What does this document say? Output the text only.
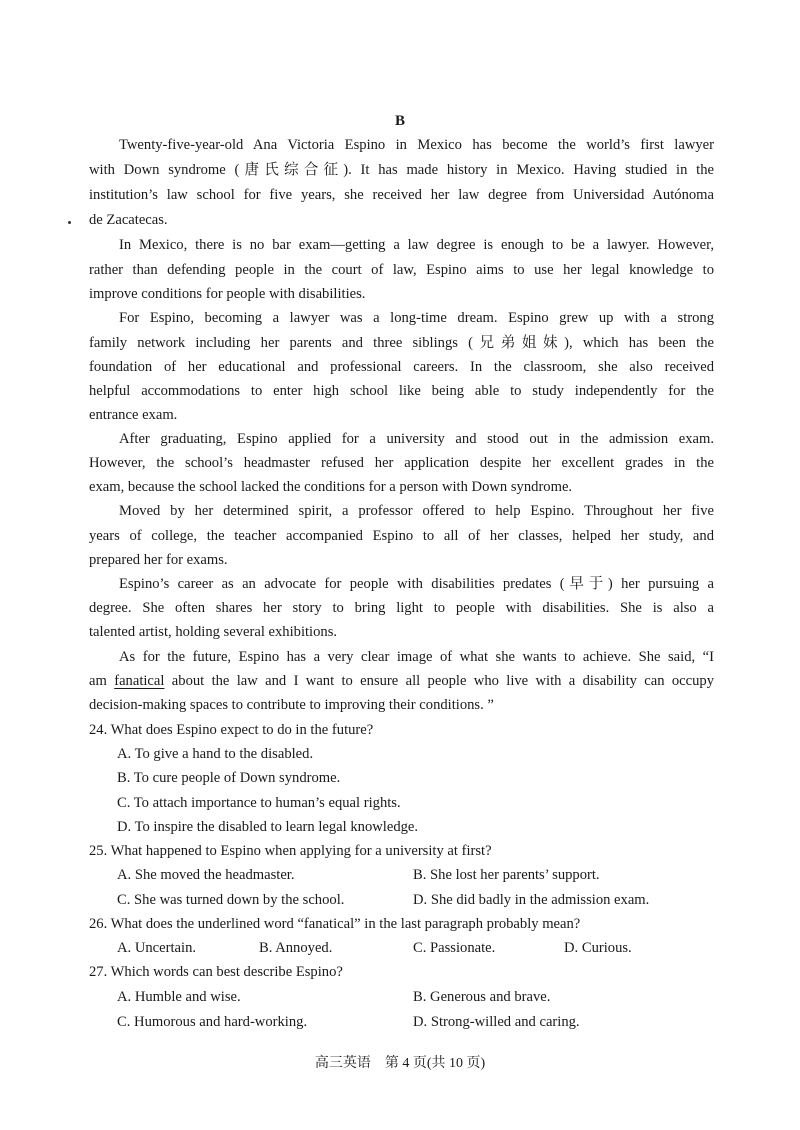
B
Twenty-five-year-old Ana Victoria Espino in Mexico has become the world’s first lawyer
with Down syndrome (唐氏综合征). It has made history in Mexico. Having studied in the
institution’s law school for five years, she received her law degree from Universidad Autónoma
de Zacatecas.
In Mexico, there is no bar exam—getting a law degree is enough to be a lawyer. However,
rather than defending people in the court of law, Espino aims to use her legal knowledge to
improve conditions for people with disabilities.
For Espino, becoming a lawyer was a long-time dream. Espino grew up with a strong
family network including her parents and three siblings (兄弟姐妹), which has been the
foundation of her educational and professional careers. In the classroom, she also received
helpful accommodations to enter high school like being able to study independently for the
entrance exam.
After graduating, Espino applied for a university and stood out in the admission exam.
However, the school’s headmaster refused her application despite her excellent grades in the
exam, because the school lacked the conditions for a person with Down syndrome.
Moved by her determined spirit, a professor offered to help Espino. Throughout her five
years of college, the teacher accompanied Espino to all of her classes, helped her study, and
prepared her for exams.
Espino’s career as an advocate for people with disabilities predates (早于) her pursuing a
degree. She often shares her story to bring light to people with disabilities. She is also a
talented artist, holding several exhibitions.
As for the future, Espino has a very clear image of what she wants to achieve. She said, “I
am fanatical about the law and I want to ensure all people who live with a disability can occupy
decision-making spaces to contribute to improving their conditions. ”
24. What does Espino expect to do in the future?
A. To give a hand to the disabled.
B. To cure people of Down syndrome.
C. To attach importance to human’s equal rights.
D. To inspire the disabled to learn legal knowledge.
25. What happened to Espino when applying for a university at first?
A. She moved the headmaster.	B. She lost her parents’ support.
C. She was turned down by the school.	D. She did badly in the admission exam.
26. What does the underlined word “fanatical” in the last paragraph probably mean?
A. Uncertain.	B. Annoyed.	C. Passionate.	D. Curious.
27. Which words can best describe Espino?
A. Humble and wise.	B. Generous and brave.
C. Humorous and hard-working.	D. Strong-willed and caring.
高三英语　第 4 页(共 10 页)
